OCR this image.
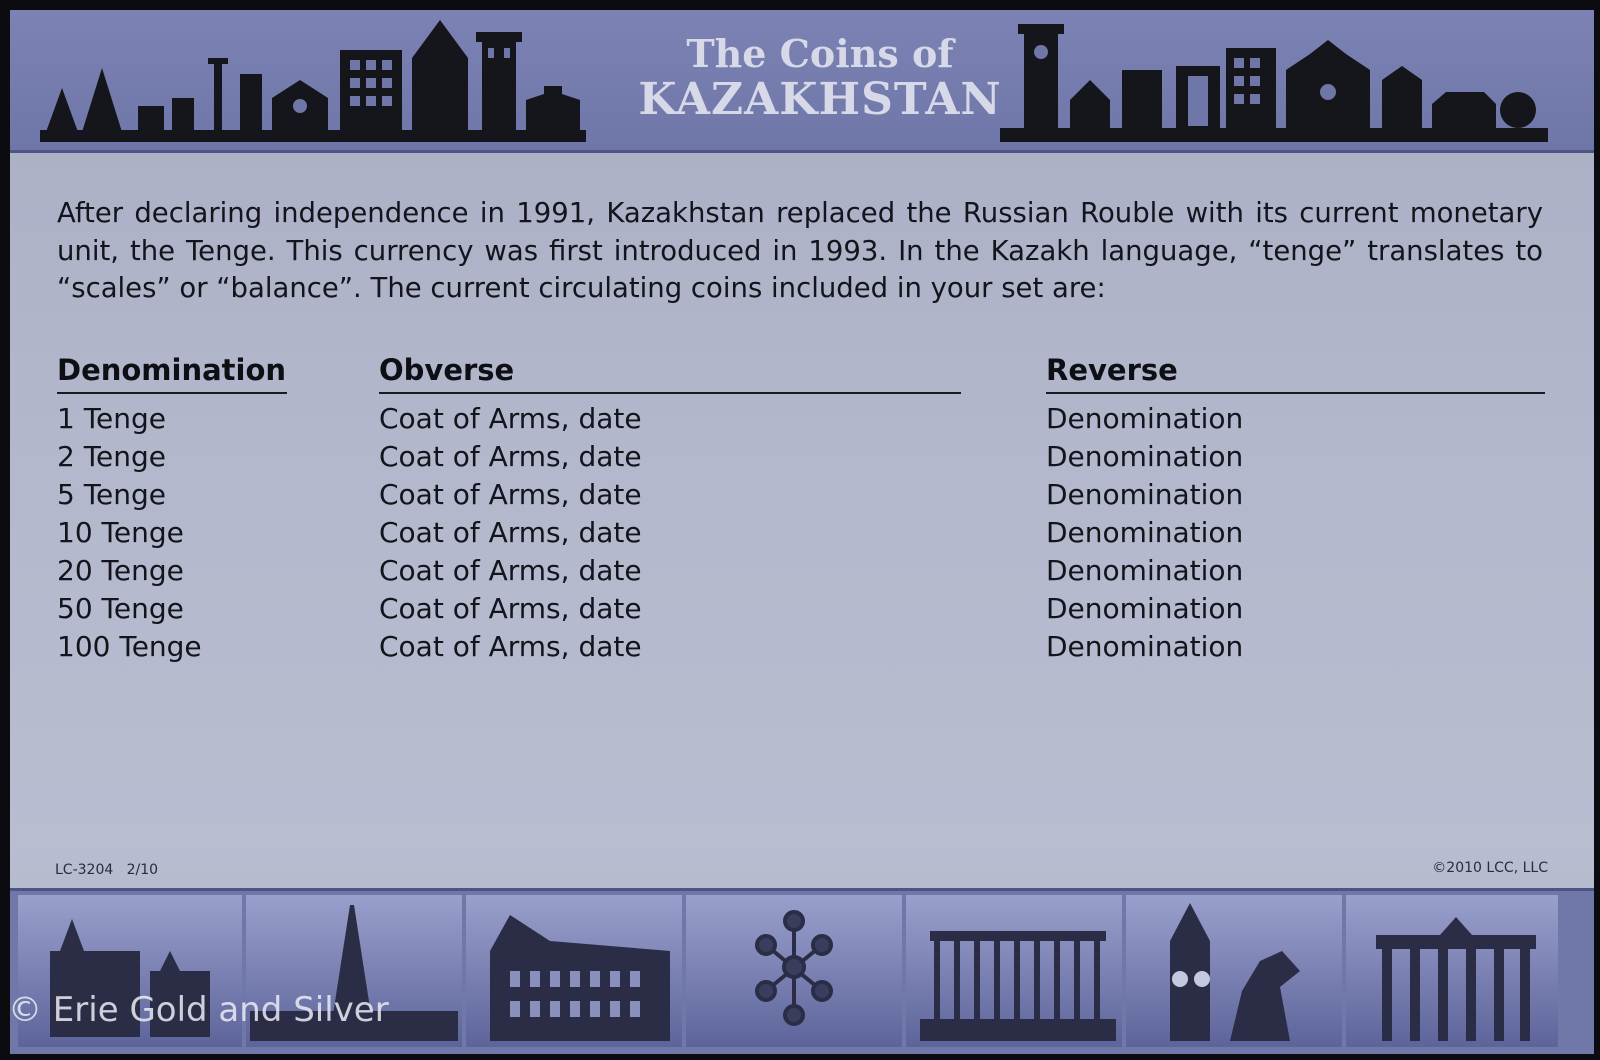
The Coins of
KAZAKHSTAN
After declaring independence in 1991, Kazakhstan replaced the Russian Rouble with its current monetary unit, the Tenge. This currency was first introduced in 1993. In the Kazakh language, “tenge” translates to “scales” or “balance”. The current circulating coins included in your set are:
Denomination	Obverse	Reverse
1 Tenge	Coat of Arms, date	Denomination
2 Tenge	Coat of Arms, date	Denomination
5 Tenge	Coat of Arms, date	Denomination
10 Tenge	Coat of Arms, date	Denomination
20 Tenge	Coat of Arms, date	Denomination
50 Tenge	Coat of Arms, date	Denomination
100 Tenge	Coat of Arms, date	Denomination
LC-3204   2/10	©2010 LCC, LLC
© Erie Gold and Silver
